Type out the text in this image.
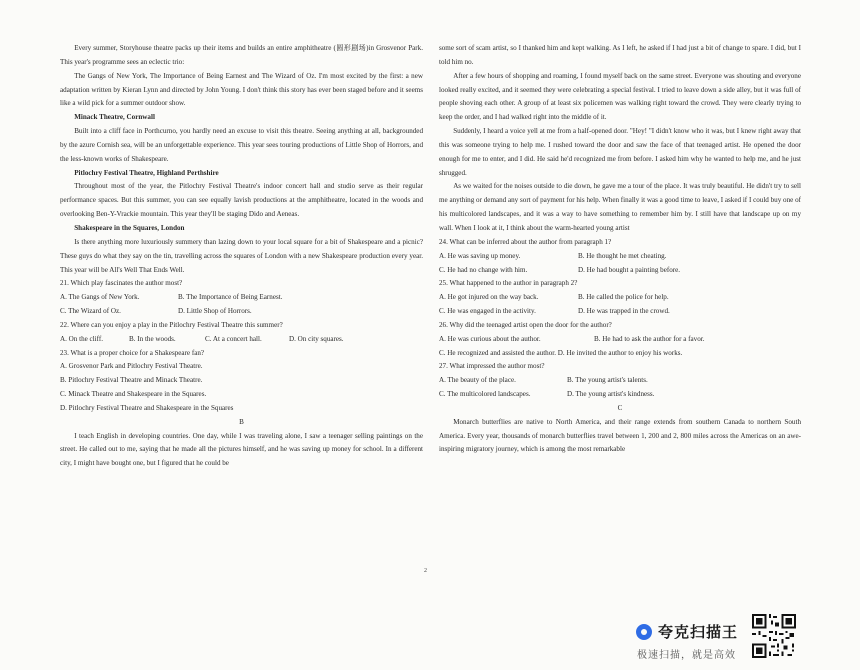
Every summer, Storyhouse theatre packs up their items and builds an entire amphitheatre (圆形剧场)in Grosvenor Park. This year's programme sees an eclectic trio:

The Gangs of New York, The Importance of Being Earnest and The Wizard of Oz. I'm most excited by the first: a new adaptation written by Kieran Lynn and directed by John Young. I don't think this story has ever been staged before and it seems like a wild pick for a summer outdoor show.

Minack Theatre, Cornwall

Built into a cliff face in Porthcurno, you hardly need an excuse to visit this theatre. Seeing anything at all, backgrounded by the azure Cornish sea, will be an unforgettable experience. This year sees touring productions of Little Shop of Horrors, and the less-known works of Shakespeare.

Pitlochry Festival Theatre, Highland Perthshire

Throughout most of the year, the Pitlochry Festival Theatre's indoor concert hall and studio serve as their regular performance spaces. But this summer, you can see equally lavish productions at the amphitheatre, located in the woods and overlooking Ben-Y-Vrackie mountain. This year they'll be staging Dido and Aeneas.

Shakespeare in the Squares, London

Is there anything more luxuriously summery than lazing down to your local square for a bit of Shakespeare and a picnic? These guys do what they say on the tin, travelling across the squares of London with a new Shakespeare production every year. This year will be All's Well That Ends Well.

21. Which play fascinates the author most?

A. The Gangs of New York.	B. The Importance of Being Earnest.
C. The Wizard of Oz.	D. Little Shop of Horrors.

22. Where can you enjoy a play in the Pitlochry Festival Theatre this summer?

A. On the cliff.	B. In the woods.	C. At a concert hall.	D. On city squares.

23. What is a proper choice for a Shakespeare fan?

A. Grosvenor Park and Pitlochry Festival Theatre.

B. Pitlochry Festival Theatre and Minack Theatre.

C. Minack Theatre and Shakespeare in the Squares.

D. Pitlochry Festival Theatre and Shakespeare in the Squares

B

I teach English in developing countries. One day, while I was traveling alone, I saw a teenager selling paintings on the street. He called out to me, saying that he made all the pictures himself, and he was saving up money for school. In a different city, I might have bought one, but I figured that he could be

some sort of scam artist, so I thanked him and kept walking. As I left, he asked if I had just a bit of change to spare. I did, but I told him no.

After a few hours of shopping and roaming, I found myself back on the same street. Everyone was shouting and everyone looked really excited, and it seemed they were celebrating a special festival. I tried to leave down a side alley, but it was full of people shoving each other. A group of at least six policemen was walking right toward the crowd. They were clearly trying to keep the order, and I had walked right into the middle of it.

Suddenly, I heard a voice yell at me from a half-opened door. "Hey! "I didn't know who it was, but I knew right away that this was someone trying to help me. I rushed toward the door and saw the face of that teenaged artist. He opened the door enough for me to enter, and I did. He said he'd recognized me from before. I asked him why he wanted to help me, and he just shrugged.

As we waited for the noises outside to die down, he gave me a tour of the place. It was truly beautiful. He didn't try to sell me anything or demand any sort of payment for his help. When finally it was a good time to leave, I asked if I could buy one of his multicolored landscapes, and it was a way to have something to remember him by. I still have that landscape up on my wall. When I look at it, I think about the warm-hearted young artist

24. What can be inferred about the author from paragraph 1?

A. He was saving up money.	B. He thought he met cheating.
C. He had no change with him.	D. He had bought a painting before.

25. What happened to the author in paragraph 2?

A. He got injured on the way back.	B. He called the police for help.
C. He was engaged in the activity.	D. He was trapped in the crowd.

26. Why did the teenaged artist open the door for the author?

A. He was curious about the author.	B. He had to ask the author for a favor.

C. He recognized and assisted the author. D. He invited the author to enjoy his works.

27. What impressed the author most?

A. The beauty of the place.	B. The young artist's talents.
C. The multicolored landscapes.	D. The young artist's kindness.

C

Monarch butterflies are native to North America, and their range extends from southern Canada to northern South America. Every year, thousands of monarch butterflies travel between 1, 200 and 2, 800 miles across the Americas on an awe-inspiring migratory journey, which is among the most remarkable

2
夸克扫描王
极速扫描，就是高效
